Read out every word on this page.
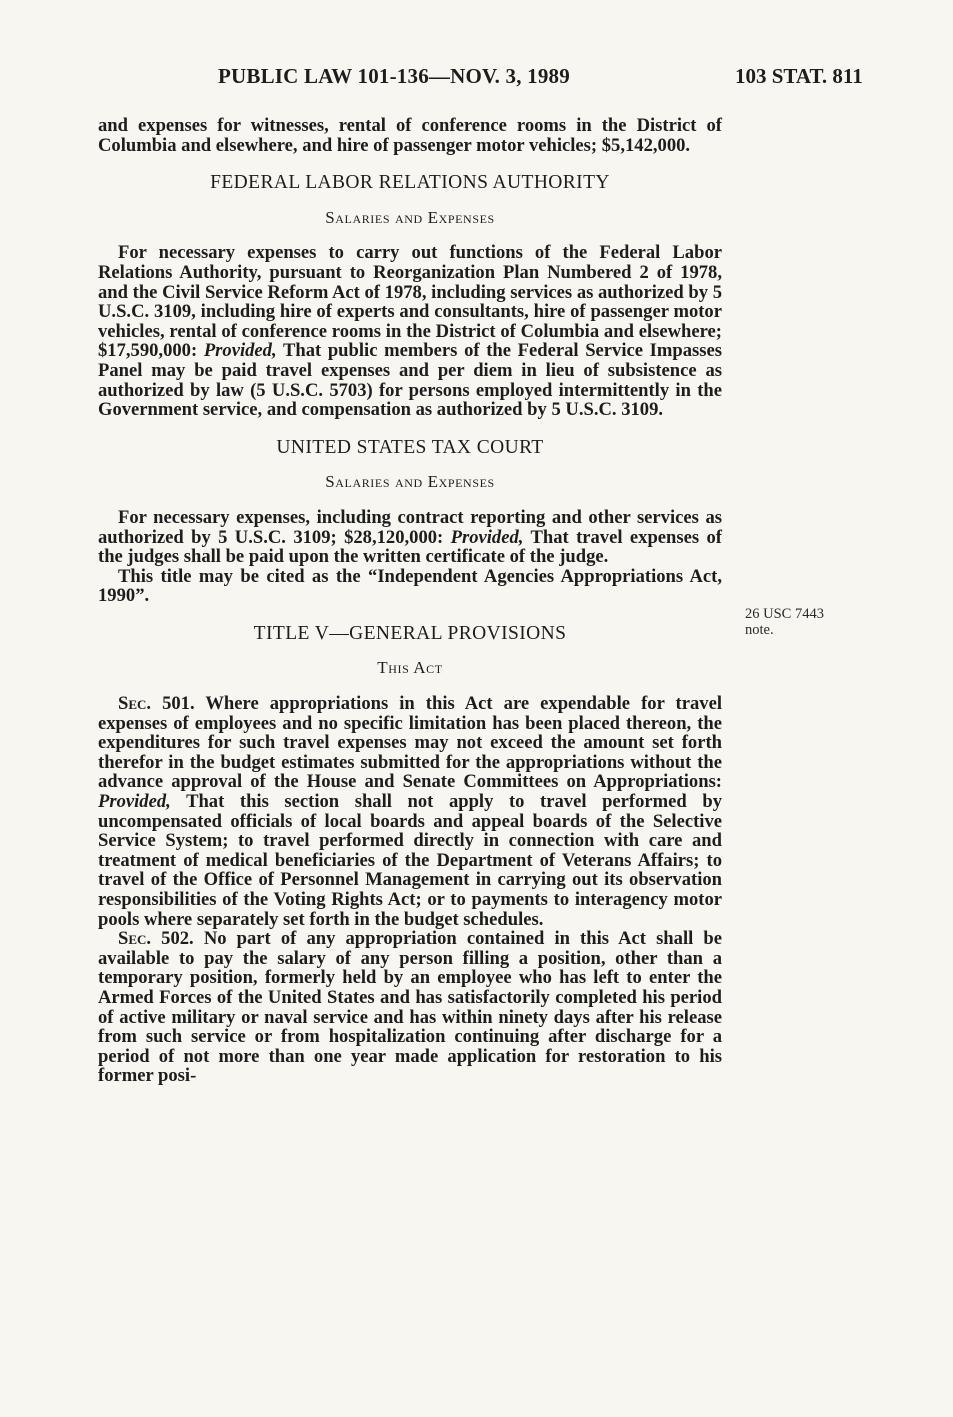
PUBLIC LAW 101-136—NOV. 3, 1989	103 STAT. 811

and expenses for witnesses, rental of conference rooms in the District of Columbia and elsewhere, and hire of passenger motor vehicles; $5,142,000.

FEDERAL LABOR RELATIONS AUTHORITY

Salaries and Expenses

For necessary expenses to carry out functions of the Federal Labor Relations Authority, pursuant to Reorganization Plan Numbered 2 of 1978, and the Civil Service Reform Act of 1978, including services as authorized by 5 U.S.C. 3109, including hire of experts and consultants, hire of passenger motor vehicles, rental of conference rooms in the District of Columbia and elsewhere; $17,590,000: Provided, That public members of the Federal Service Impasses Panel may be paid travel expenses and per diem in lieu of subsistence as authorized by law (5 U.S.C. 5703) for persons employed intermittently in the Government service, and compensation as authorized by 5 U.S.C. 3109.

UNITED STATES TAX COURT

Salaries and Expenses

For necessary expenses, including contract reporting and other services as authorized by 5 U.S.C. 3109; $28,120,000: Provided, That travel expenses of the judges shall be paid upon the written certificate of the judge.

This title may be cited as the “Independent Agencies Appropriations Act, 1990”.

TITLE V—GENERAL PROVISIONS

This Act

Sec. 501. Where appropriations in this Act are expendable for travel expenses of employees and no specific limitation has been placed thereon, the expenditures for such travel expenses may not exceed the amount set forth therefor in the budget estimates submitted for the appropriations without the advance approval of the House and Senate Committees on Appropriations: Provided, That this section shall not apply to travel performed by uncompensated officials of local boards and appeal boards of the Selective Service System; to travel performed directly in connection with care and treatment of medical beneficiaries of the Department of Veterans Affairs; to travel of the Office of Personnel Management in carrying out its observation responsibilities of the Voting Rights Act; or to payments to interagency motor pools where separately set forth in the budget schedules.

Sec. 502. No part of any appropriation contained in this Act shall be available to pay the salary of any person filling a position, other than a temporary position, formerly held by an employee who has left to enter the Armed Forces of the United States and has satisfactorily completed his period of active military or naval service and has within ninety days after his release from such service or from hospitalization continuing after discharge for a period of not more than one year made application for restoration to his former posi-

26 USC 7443
note.
